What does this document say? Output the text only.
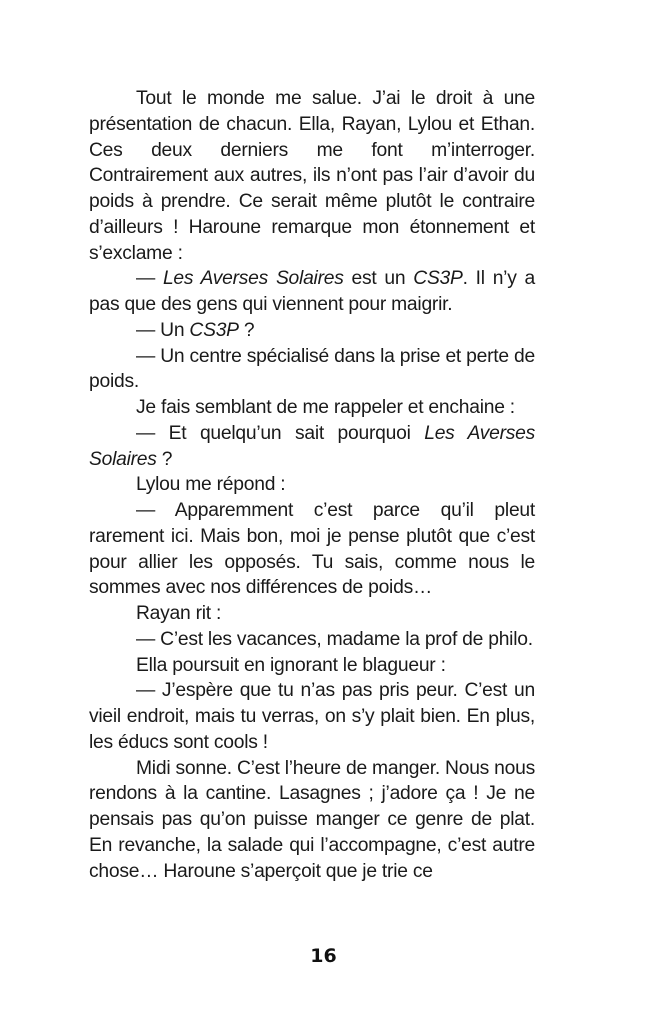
Tout le monde me salue. J’ai le droit à une présentation de chacun. Ella, Rayan, Lylou et Ethan. Ces deux derniers me font m’interroger. Contrairement aux autres, ils n’ont pas l’air d’avoir du poids à prendre. Ce serait même plutôt le contraire d’ailleurs ! Haroune remarque mon étonnement et s’exclame :

— Les Averses Solaires est un CS3P. Il n’y a pas que des gens qui viennent pour maigrir.

— Un CS3P ?

— Un centre spécialisé dans la prise et perte de poids.

Je fais semblant de me rappeler et enchaine :

— Et quelqu’un sait pourquoi Les Averses Solaires ?

Lylou me répond :

— Apparemment c’est parce qu’il pleut rarement ici. Mais bon, moi je pense plutôt que c’est pour allier les opposés. Tu sais, comme nous le sommes avec nos différences de poids…

Rayan rit :

— C’est les vacances, madame la prof de philo.

Ella poursuit en ignorant le blagueur :

— J’espère que tu n’as pas pris peur. C’est un vieil endroit, mais tu verras, on s’y plait bien. En plus, les éducs sont cools !

Midi sonne. C’est l’heure de manger. Nous nous rendons à la cantine. Lasagnes ; j’adore ça ! Je ne pensais pas qu’on puisse manger ce genre de plat. En revanche, la salade qui l’accompagne, c’est autre chose… Haroune s’aperçoit que je trie ce

16
